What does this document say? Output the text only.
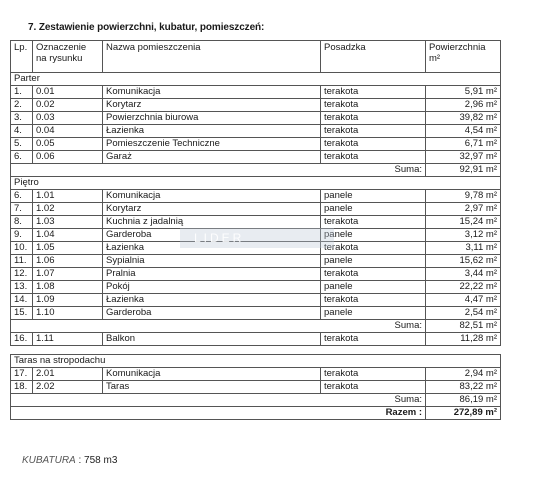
7. Zestawienie powierzchni, kubatur, pomieszczeń:
Lp.	Oznaczenie na rysunku	Nazwa pomieszczenia	Posadzka	Powierzchnia m²
Parter				
1.	0.01	Komunikacja	terakota	5,91 m²
2.	0.02	Korytarz	terakota	2,96 m²
3.	0.03	Powierzchnia biurowa	terakota	39,82 m²
4.	0.04	Łazienka	terakota	4,54 m²
5.	0.05	Pomieszczenie Techniczne	terakota	6,71 m²
6.	0.06	Garaż	terakota	32,97 m²
Suma:				92,91 m²
Piętro				
6.	1.01	Komunikacja	panele	9,78 m²
7.	1.02	Korytarz	panele	2,97 m²
8.	1.03	Kuchnia z jadalnią	terakota	15,24 m²
9.	1.04	Garderoba	panele	3,12 m²
10.	1.05	Łazienka	terakota	3,11 m²
11.	1.06	Sypialnia	panele	15,62 m²
12.	1.07	Pralnia	terakota	3,44 m²
13.	1.08	Pokój	panele	22,22 m²
14.	1.09	Łazienka	terakota	4,47 m²
15.	1.10	Garderoba	panele	2,54 m²
Suma:				82,51 m²
16.	1.11	Balkon	terakota	11,28 m²

Taras na stropodachu				
17.	2.01	Komunikacja	terakota	2,94 m²
18.	2.02	Taras	terakota	83,22 m²
Suma:				86,19 m²
Razem :				272,89 m²
LIDER
KUBATURA : 758 m3
